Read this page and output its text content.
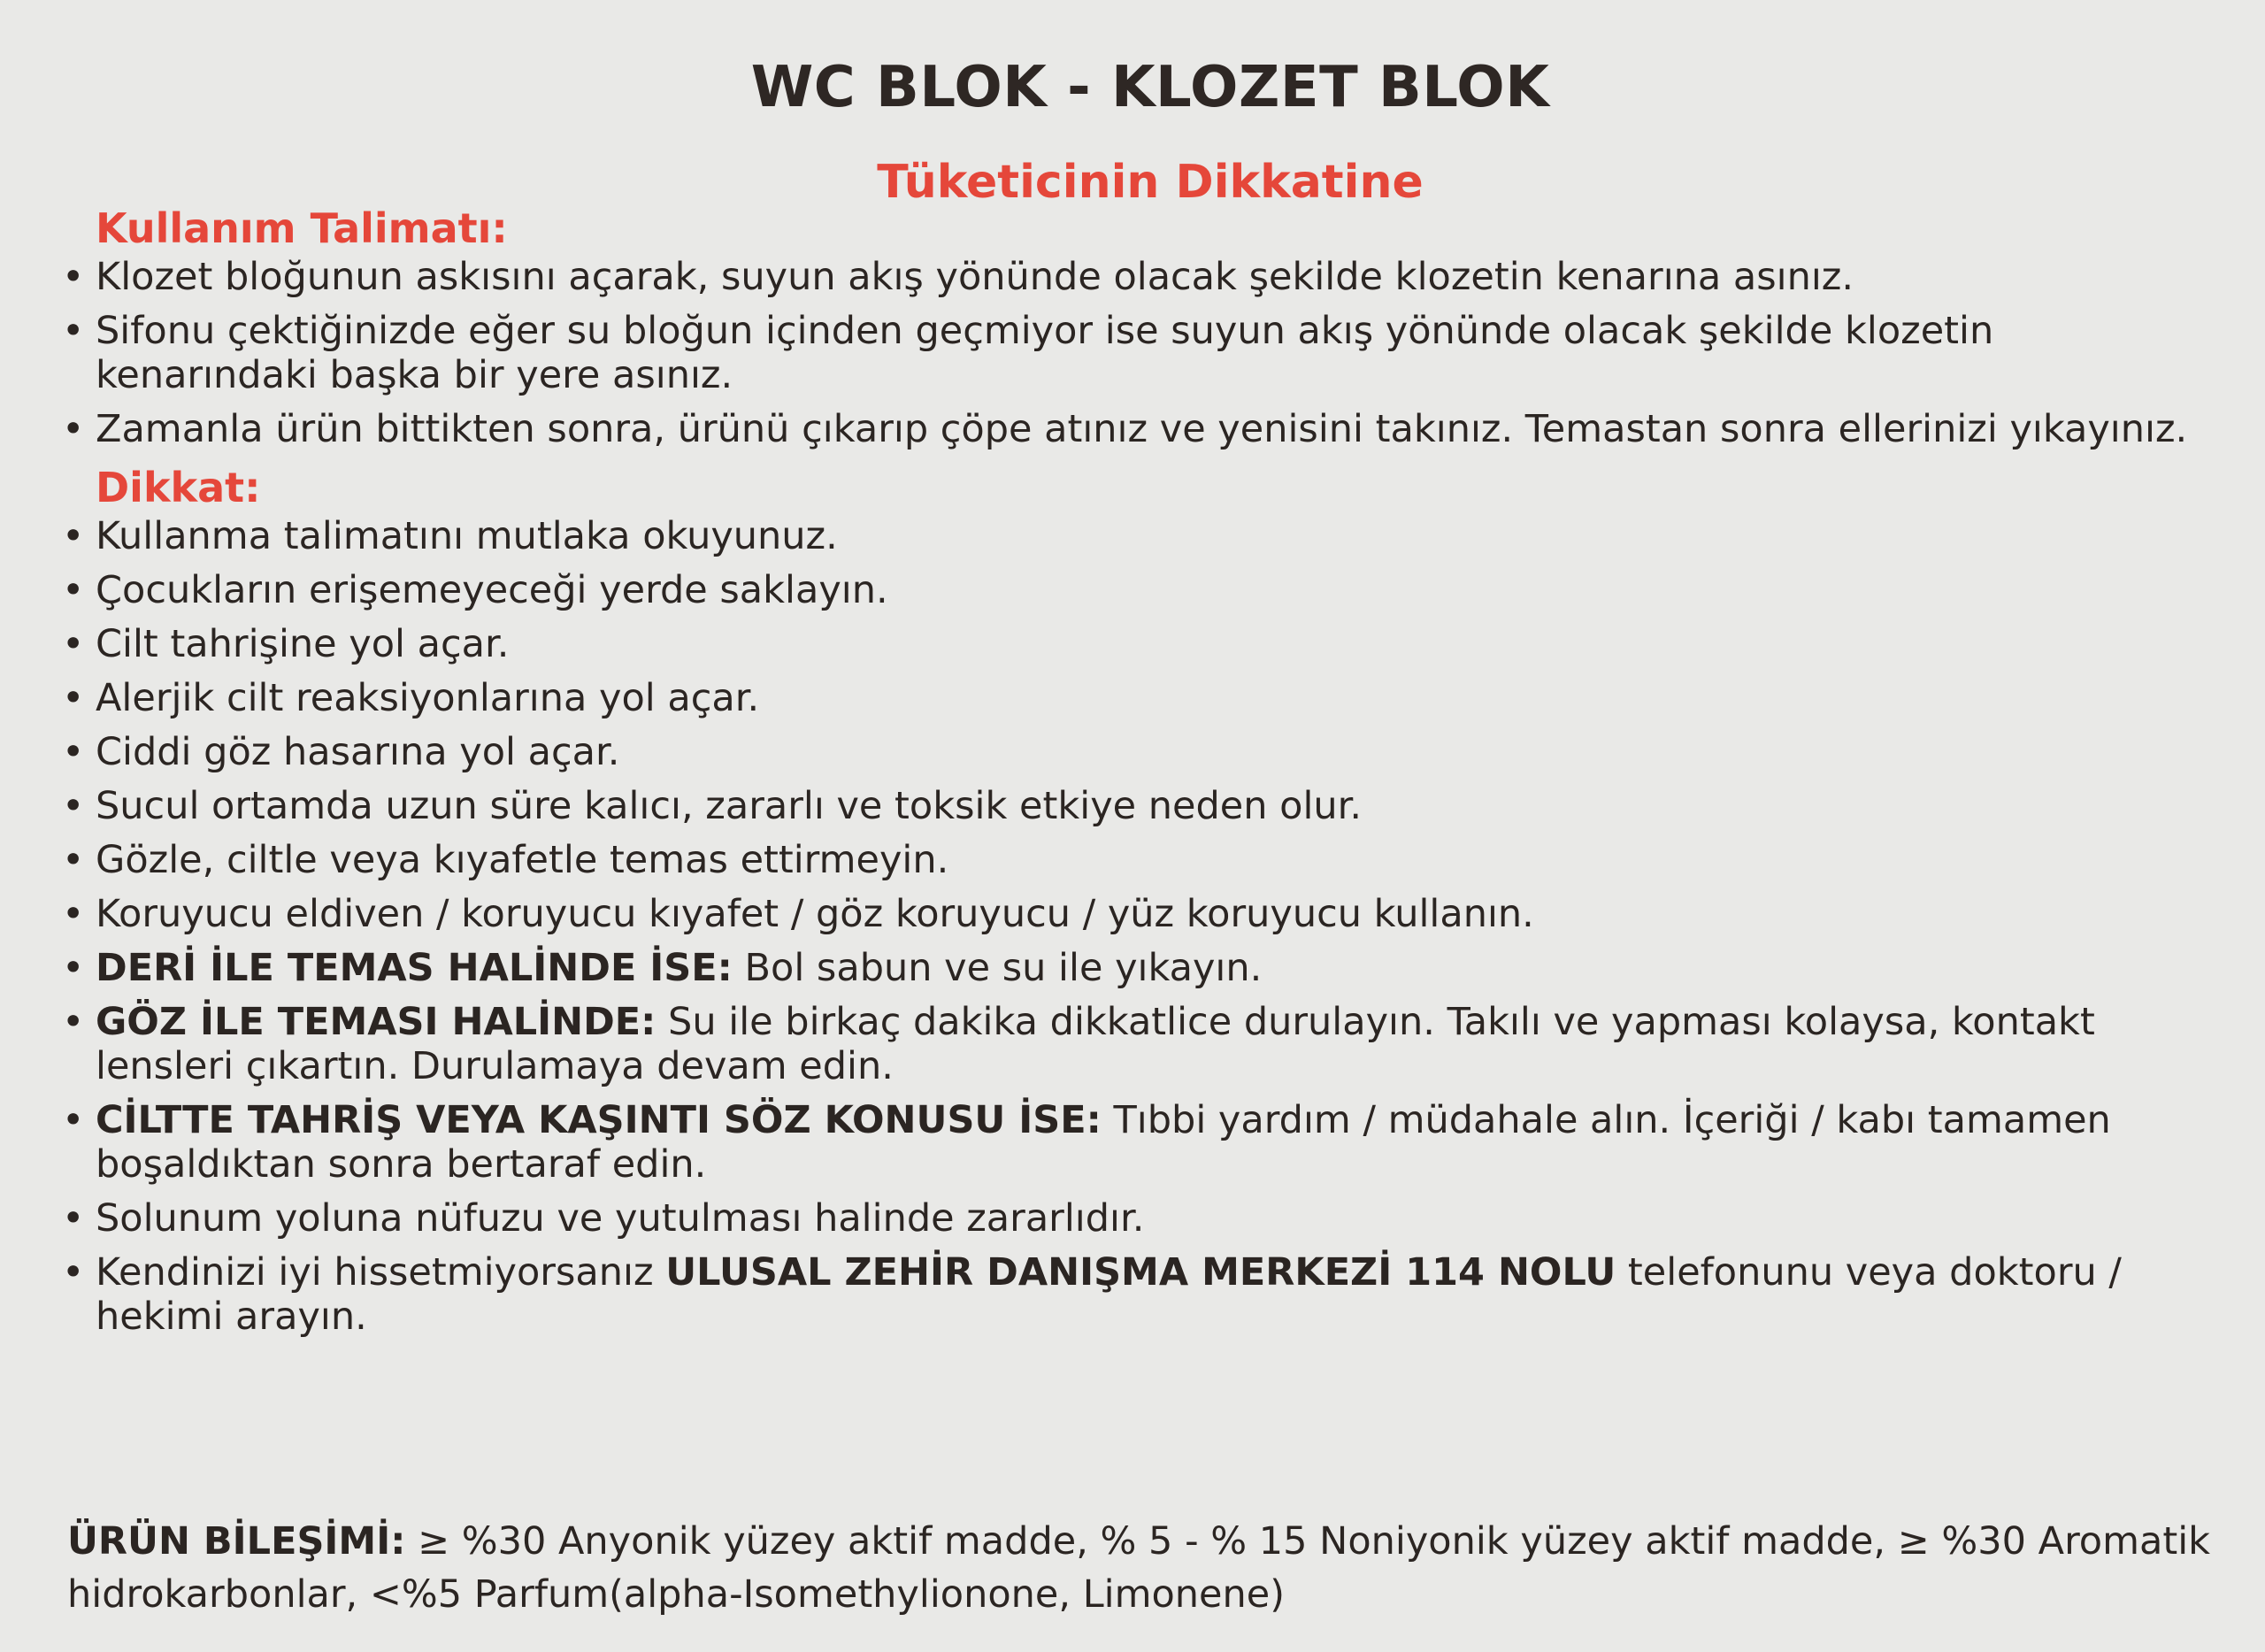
WC BLOK - KLOZET BLOK
Tüketicinin Dikkatine
Kullanım Talimatı:
• Klozet bloğunun askısını açarak, suyun akış yönünde olacak şekilde klozetin kenarına asınız.
• Sifonu çektiğinizde eğer su bloğun içinden geçmiyor ise suyun akış yönünde olacak şekilde klozetin kenarındaki başka bir yere asınız.
• Zamanla ürün bittikten sonra, ürünü çıkarıp çöpe atınız ve yenisini takınız. Temastan sonra ellerinizi yıkayınız.
Dikkat:
• Kullanma talimatını mutlaka okuyunuz.
• Çocukların erişemeyeceği yerde saklayın.
• Cilt tahrişine yol açar.
• Alerjik cilt reaksiyonlarına yol açar.
• Ciddi göz hasarına yol açar.
• Sucul ortamda uzun süre kalıcı, zararlı ve toksik etkiye neden olur.
• Gözle, ciltle veya kıyafetle temas ettirmeyin.
• Koruyucu eldiven / koruyucu kıyafet / göz koruyucu / yüz koruyucu kullanın.
• DERİ İLE TEMAS HALİNDE İSE: Bol sabun ve su ile yıkayın.
• GÖZ İLE TEMASI HALİNDE: Su ile birkaç dakika dikkatlice durulayın. Takılı ve yapması kolaysa, kontakt lensleri çıkartın. Durulamaya devam edin.
• CİLTTE TAHRİŞ VEYA KAŞINTI SÖZ KONUSU İSE: Tıbbi yardım / müdahale alın. İçeriği / kabı tamamen boşaldıktan sonra bertaraf edin.
• Solunum yoluna nüfuzu ve yutulması halinde zararlıdır.
• Kendinizi iyi hissetmiyorsanız ULUSAL ZEHİR DANIŞMA MERKEZİ 114 NOLU telefonunu veya doktoru / hekimi arayın.
ÜRÜN BİLEŞİMİ: ≥ %30 Anyonik yüzey aktif madde, % 5 - % 15 Noniyonik yüzey aktif madde, ≥ %30 Aromatik hidrokarbonlar, <%5 Parfum(alpha-Isomethylionone, Limonene)
